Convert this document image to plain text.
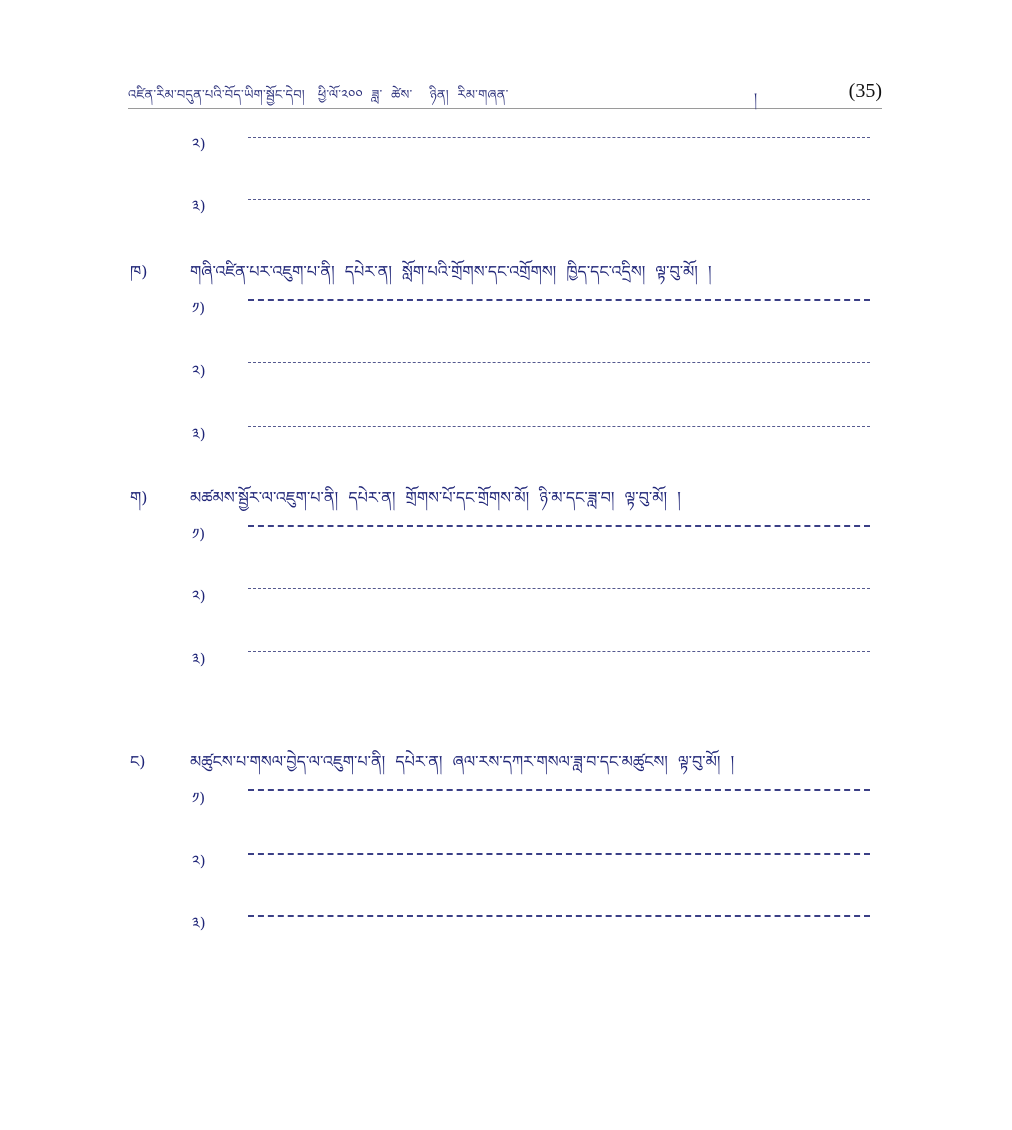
འཛིན་རིམ་བདུན་པའི་བོད་ཡིག་སྦྱོང་དེབ།   ཕྱི་ལོ་༢༠༠  ཟླ་  ཚེས་    ཉིན།  རིམ་གཞན་	།	(35)
༢)
༣)
ཁ)	གཞི་འཛིན་པར་འཇུག་པ་ནི།  དཔེར་ན།  སློག་པའི་གྲོགས་དང་འགྲོགས།  ཁྱིད་དང་འདྲིས།  ལྟ་བུ་མོ།  །
༡)
༢)
༣)
ག)	མཚམས་སྦྱོར་ལ་འཇུག་པ་ནི།  དཔེར་ན།  གྲོགས་པོ་དང་གྲོགས་མོ།  ཉི་མ་དང་ཟླ་བ།  ལྟ་བུ་མོ།  །
༡)
༢)
༣)
ང)	མཚུངས་པ་གསལ་བྱེད་ལ་འཇུག་པ་ནི།  དཔེར་ན།  ཞལ་རས་དཀར་གསལ་ཟླ་བ་དང་མཚུངས།  ལྟ་བུ་མོ།  །
༡)
༢)
༣)
